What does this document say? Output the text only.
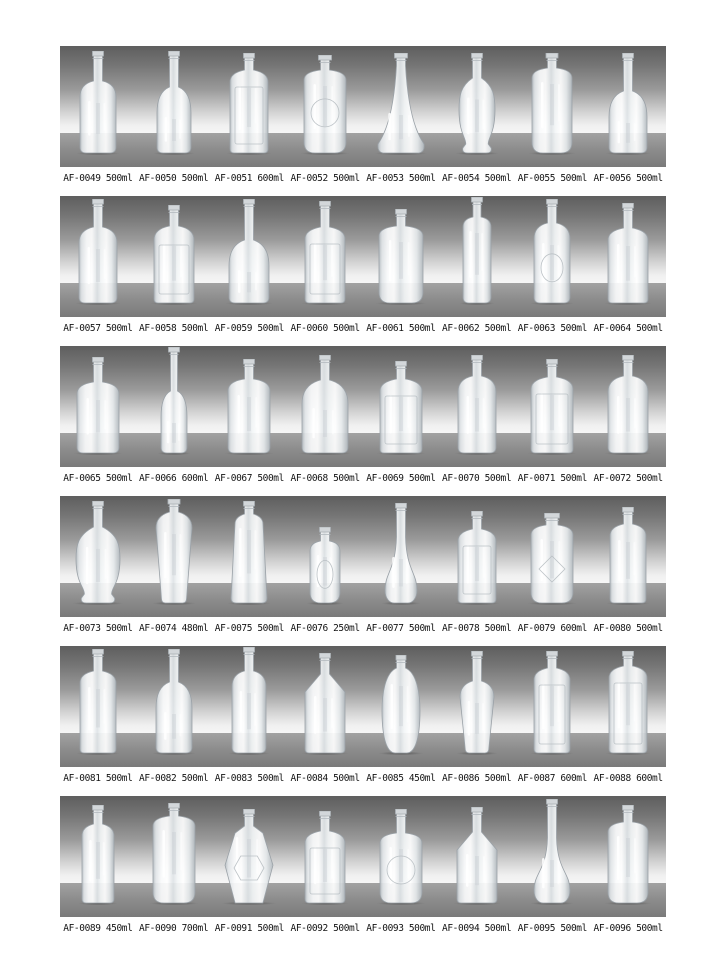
AF-0049 500ml AF-0050 500ml AF-0051 600ml AF-0052 500ml AF-0053 500ml AF-0054 500ml AF-0055 500ml AF-0056 500ml
AF-0057 500ml AF-0058 500ml AF-0059 500ml AF-0060 500ml AF-0061 500ml AF-0062 500ml AF-0063 500ml AF-0064 500ml
AF-0065 500ml AF-0066 600ml AF-0067 500ml AF-0068 500ml AF-0069 500ml AF-0070 500ml AF-0071 500ml AF-0072 500ml
AF-0073 500ml AF-0074 480ml AF-0075 500ml AF-0076 250ml AF-0077 500ml AF-0078 500ml AF-0079 600ml AF-0080 500ml
AF-0081 500ml AF-0082 500ml AF-0083 500ml AF-0084 500ml AF-0085 450ml AF-0086 500ml AF-0087 600ml AF-0088 600ml
AF-0089 450ml AF-0090 700ml AF-0091 500ml AF-0092 500ml AF-0093 500ml AF-0094 500ml AF-0095 500ml AF-0096 500ml
